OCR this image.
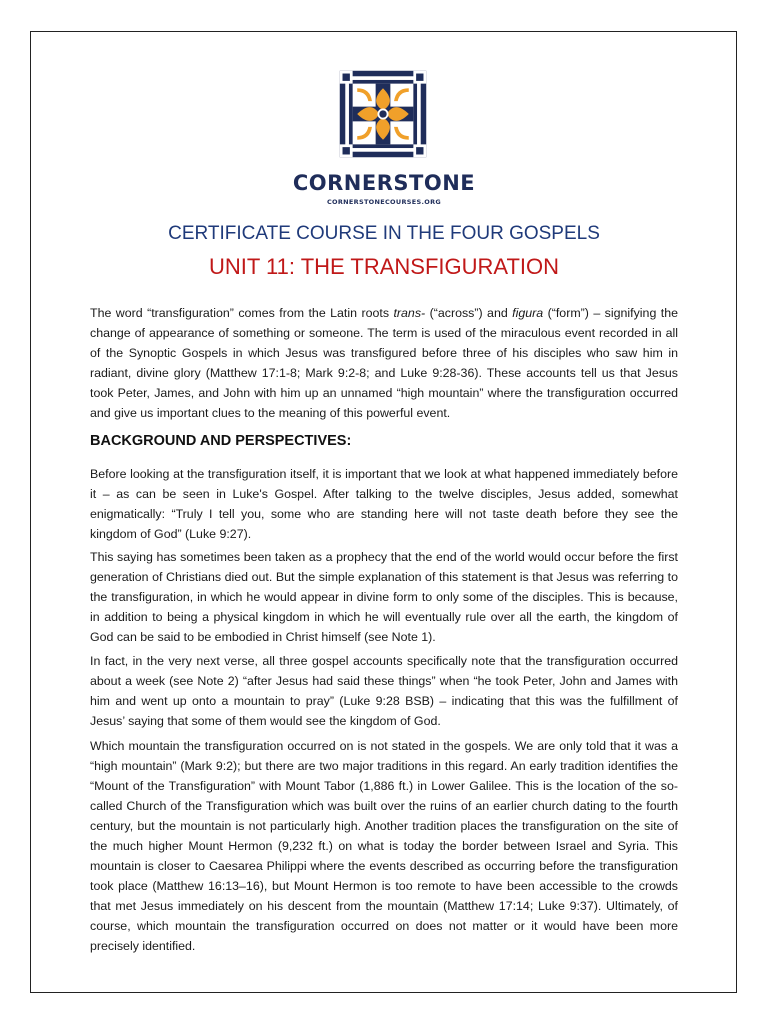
CORNERSTONE
CORNERSTONECOURSES.ORG
CERTIFICATE COURSE IN THE FOUR GOSPELS
UNIT 11: THE TRANSFIGURATION

The word “transfiguration” comes from the Latin roots trans- (“across”) and figura (“form”) – signifying the change of appearance of something or someone. The term is used of the miraculous event recorded in all of the Synoptic Gospels in which Jesus was transfigured before three of his disciples who saw him in radiant, divine glory (Matthew 17:1-8; Mark 9:2-8; and Luke 9:28-36). These accounts tell us that Jesus took Peter, James, and John with him up an unnamed “high mountain” where the transfiguration occurred and give us important clues to the meaning of this powerful event.

BACKGROUND AND PERSPECTIVES:

Before looking at the transfiguration itself, it is important that we look at what happened immediately before it – as can be seen in Luke's Gospel. After talking to the twelve disciples, Jesus added, somewhat enigmatically: “Truly I tell you, some who are standing here will not taste death before they see the kingdom of God” (Luke 9:27).

This saying has sometimes been taken as a prophecy that the end of the world would occur before the first generation of Christians died out. But the simple explanation of this statement is that Jesus was referring to the transfiguration, in which he would appear in divine form to only some of the disciples. This is because, in addition to being a physical kingdom in which he will eventually rule over all the earth, the kingdom of God can be said to be embodied in Christ himself (see Note 1).

In fact, in the very next verse, all three gospel accounts specifically note that the transfiguration occurred about a week (see Note 2) “after Jesus had said these things” when “he took Peter, John and James with him and went up onto a mountain to pray” (Luke 9:28 BSB) – indicating that this was the fulfillment of Jesus’ saying that some of them would see the kingdom of God.

Which mountain the transfiguration occurred on is not stated in the gospels. We are only told that it was a “high mountain” (Mark 9:2); but there are two major traditions in this regard. An early tradition identifies the “Mount of the Transfiguration” with Mount Tabor (1,886 ft.) in Lower Galilee. This is the location of the so-called Church of the Transfiguration which was built over the ruins of an earlier church dating to the fourth century, but the mountain is not particularly high. Another tradition places the transfiguration on the site of the much higher Mount Hermon (9,232 ft.) on what is today the border between Israel and Syria. This mountain is closer to Caesarea Philippi where the events described as occurring before the transfiguration took place (Matthew 16:13–16), but Mount Hermon is too remote to have been accessible to the crowds that met Jesus immediately on his descent from the mountain (Matthew 17:14; Luke 9:37). Ultimately, of course, which mountain the transfiguration occurred on does not matter or it would have been more precisely identified.
